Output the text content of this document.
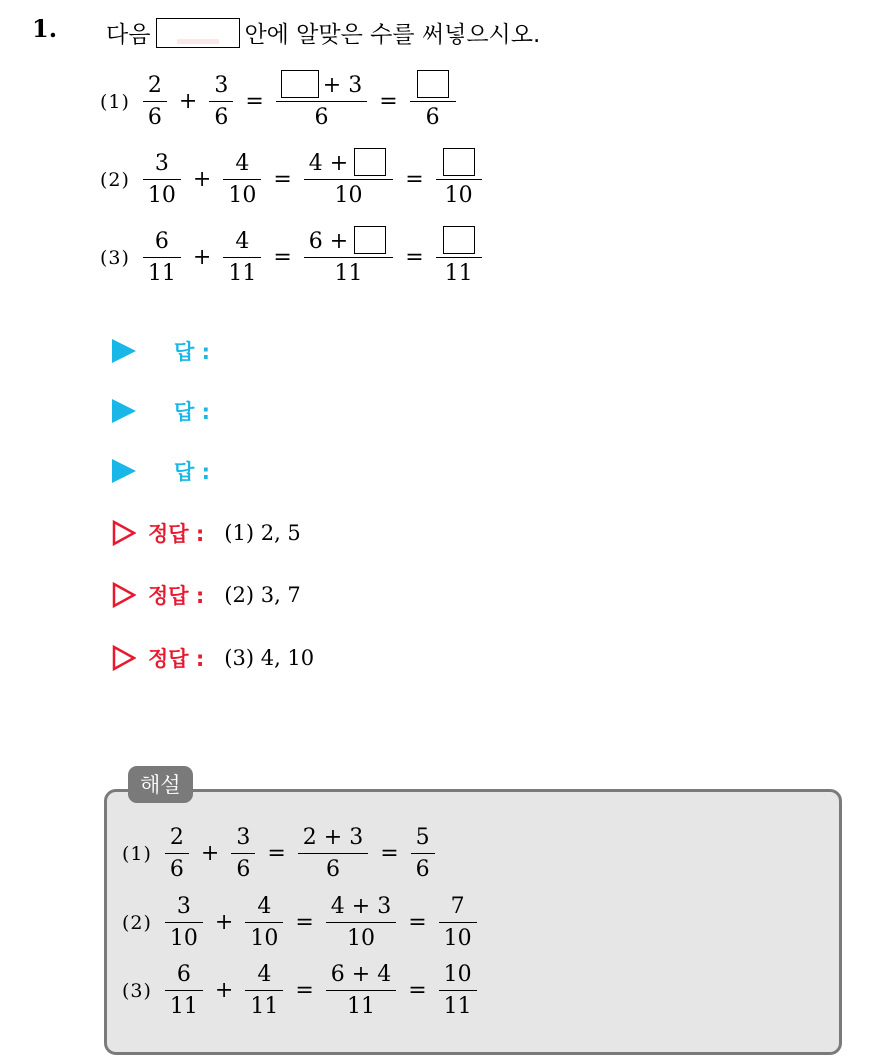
1. 다음	안에 알맞은 수를 써넣으시오.
$(1) \frac{2}{6} + \frac{3}{6} = \frac{+ 3}{6}$ =
6
$(2) \frac{3}{10} + \frac{4}{10} = \frac{4 +}{10}$ =
10
$(3) \frac{6}{11} + \frac{4}{11} = \frac{6 +}{11}$ =
11
답 :
답 :
답 :
정답 : (1) 2, 5
정답 : (2) 3, 7
정답 : (3) 4, 10
해설
$(1) \frac{2}{6} + \frac{3}{6} = \frac{2 + 3}{6} = \frac{5}{6}$
$(2) \frac{3}{10} + \frac{4}{10} = \frac{4 + 3}{10} = \frac{7}{10}$
$(3) \frac{6}{11} + \frac{4}{11} = \frac{6 + 4}{11} = \frac{10}{11}$
